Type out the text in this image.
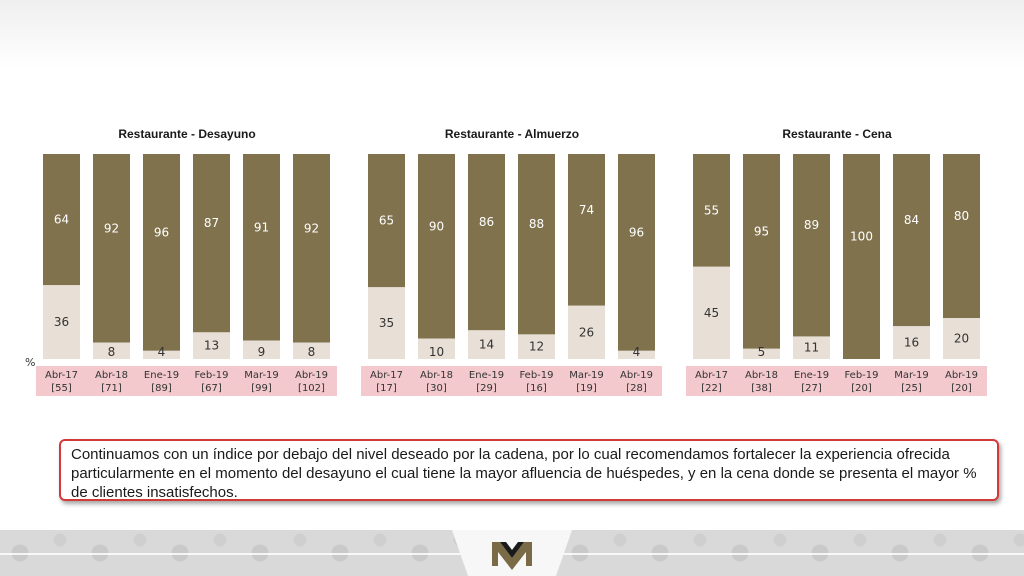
%
Restaurante - Desayuno
64
36
Abr-17
[55]
92
8
Abr-18
[71]
96
4
Ene-19
[89]
87
13
Feb-19
[67]
91
9
Mar-19
[99]
92
8
Abr-19
[102]
Restaurante - Almuerzo
65
35
Abr-17
[17]
90
10
Abr-18
[30]
86
14
Ene-19
[29]
88
12
Feb-19
[16]
74
26
Mar-19
[19]
96
4
Abr-19
[28]
Restaurante - Cena
55
45
Abr-17
[22]
95
5
Abr-18
[38]
89
11
Ene-19
[27]
100
Feb-19
[20]
84
16
Mar-19
[25]
80
20
Abr-19
[20]

Continuamos con un índice por debajo del nivel deseado por la cadena, por lo cual recomendamos fortalecer la experiencia ofrecida particularmente en el momento del desayuno el cual tiene la mayor afluencia de huéspedes, y en la cena donde se presenta el mayor % de clientes insatisfechos.
